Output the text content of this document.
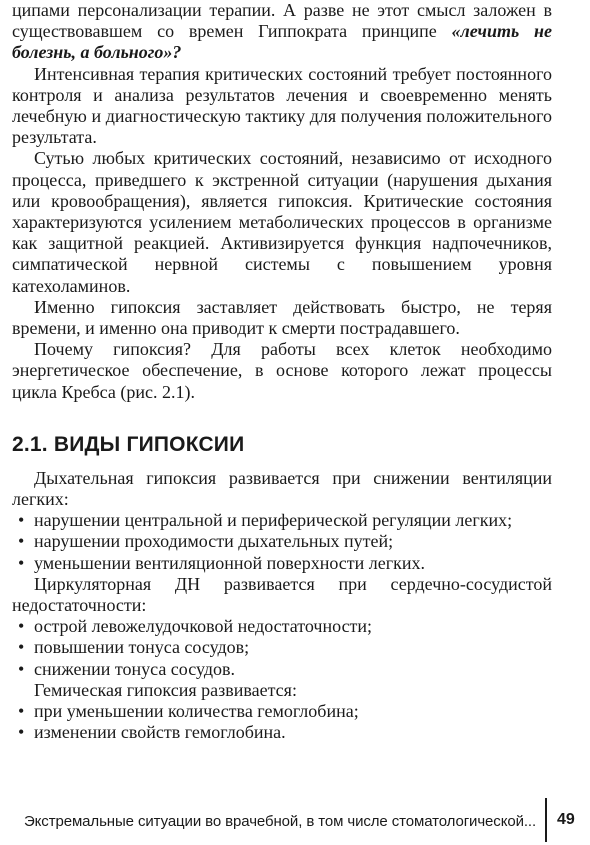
ципами персонализации терапии. А разве не этот смысл заложен в существовавшем со времен Гиппократа принципе «лечить не болезнь, а больного»?

Интенсивная терапия критических состояний требует постоянного контроля и анализа результатов лечения и своевременно менять лечебную и диагностическую тактику для получения положительного результата.

Сутью любых критических состояний, независимо от исходного процесса, приведшего к экстренной ситуации (нарушения дыхания или кровообращения), является гипоксия. Критические состояния характеризуются усилением метаболических процессов в организме как защитной реакцией. Активизируется функция надпочечников, симпатической нервной системы с повышением уровня катехоламинов.

Именно гипоксия заставляет действовать быстро, не теряя времени, и именно она приводит к смерти пострадавшего.

Почему гипоксия? Для работы всех клеток необходимо энергетическое обеспечение, в основе которого лежат процессы цикла Кребса (рис. 2.1).

2.1. ВИДЫ ГИПОКСИИ

Дыхательная гипоксия развивается при снижении вентиляции легких:

• нарушении центральной и периферической регуляции легких;
• нарушении проходимости дыхательных путей;
• уменьшении вентиляционной поверхности легких.

Циркуляторная ДН развивается при сердечно-сосудистой недостаточности:

• острой левожелудочковой недостаточности;
• повышении тонуса сосудов;
• снижении тонуса сосудов.

Гемическая гипоксия развивается:

• при уменьшении количества гемоглобина;
• изменении свойств гемоглобина.
Экстремальные ситуации во врачебной, в том числе стоматологической... 49
